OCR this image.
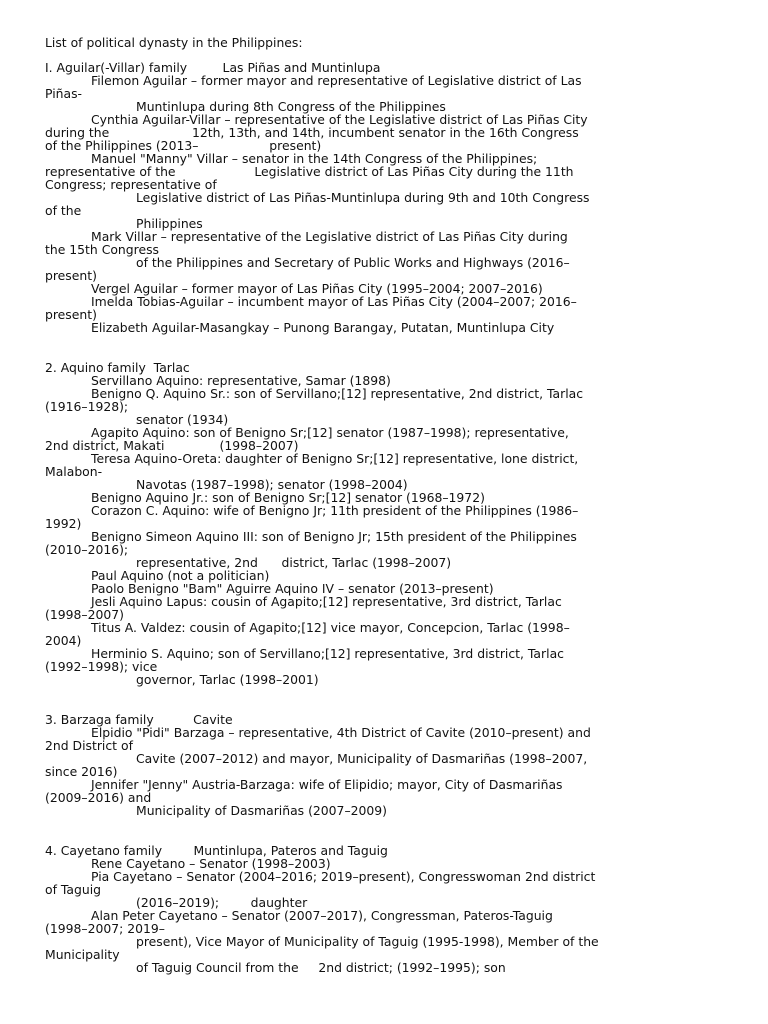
List of political dynasty in the Philippines:
I. Aguilar(-Villar) family         Las Piñas and Muntinlupa
Filemon Aguilar – former mayor and representative of Legislative district of Las
Piñas-
Muntinlupa during 8th Congress of the Philippines
Cynthia Aguilar-Villar – representative of the Legislative district of Las Piñas City
during the                     12th, 13th, and 14th, incumbent senator in the 16th Congress
of the Philippines (2013–                  present)
Manuel "Manny" Villar – senator in the 14th Congress of the Philippines;
representative of the                    Legislative district of Las Piñas City during the 11th
Congress; representative of
Legislative district of Las Piñas-Muntinlupa during 9th and 10th Congress
of the
Philippines
Mark Villar – representative of the Legislative district of Las Piñas City during
the 15th Congress
of the Philippines and Secretary of Public Works and Highways (2016–
present)
Vergel Aguilar – former mayor of Las Piñas City (1995–2004; 2007–2016)
Imelda Tobias-Aguilar – incumbent mayor of Las Piñas City (2004–2007; 2016–
present)
Elizabeth Aguilar-Masangkay – Punong Barangay, Putatan, Muntinlupa City
2. Aquino family  Tarlac
Servillano Aquino: representative, Samar (1898)
Benigno Q. Aquino Sr.: son of Servillano;[12] representative, 2nd district, Tarlac
(1916–1928);
senator (1934)
Agapito Aquino: son of Benigno Sr;[12] senator (1987–1998); representative,
2nd district, Makati              (1998–2007)
Teresa Aquino-Oreta: daughter of Benigno Sr;[12] representative, lone district,
Malabon-
Navotas (1987–1998); senator (1998–2004)
Benigno Aquino Jr.: son of Benigno Sr;[12] senator (1968–1972)
Corazon C. Aquino: wife of Benigno Jr; 11th president of the Philippines (1986–
1992)
Benigno Simeon Aquino III: son of Benigno Jr; 15th president of the Philippines
(2010–2016);
representative, 2nd      district, Tarlac (1998–2007)
Paul Aquino (not a politician)
Paolo Benigno "Bam" Aguirre Aquino IV – senator (2013–present)
Jesli Aquino Lapus: cousin of Agapito;[12] representative, 3rd district, Tarlac
(1998–2007)
Titus A. Valdez: cousin of Agapito;[12] vice mayor, Concepcion, Tarlac (1998–
2004)
Herminio S. Aquino; son of Servillano;[12] representative, 3rd district, Tarlac
(1992–1998); vice
governor, Tarlac (1998–2001)
3. Barzaga family          Cavite
Elpidio "Pidi" Barzaga – representative, 4th District of Cavite (2010–present) and
2nd District of
Cavite (2007–2012) and mayor, Municipality of Dasmariñas (1998–2007,
since 2016)
Jennifer "Jenny" Austria-Barzaga: wife of Elipidio; mayor, City of Dasmariñas
(2009–2016) and
Municipality of Dasmariñas (2007–2009)
4. Cayetano family        Muntinlupa, Pateros and Taguig
Rene Cayetano – Senator (1998–2003)
Pia Cayetano – Senator (2004–2016; 2019–present), Congresswoman 2nd district
of Taguig
(2016–2019);        daughter
Alan Peter Cayetano – Senator (2007–2017), Congressman, Pateros-Taguig
(1998–2007; 2019–
present), Vice Mayor of Municipality of Taguig (1995-1998), Member of the
Municipality
of Taguig Council from the     2nd district; (1992–1995); son
